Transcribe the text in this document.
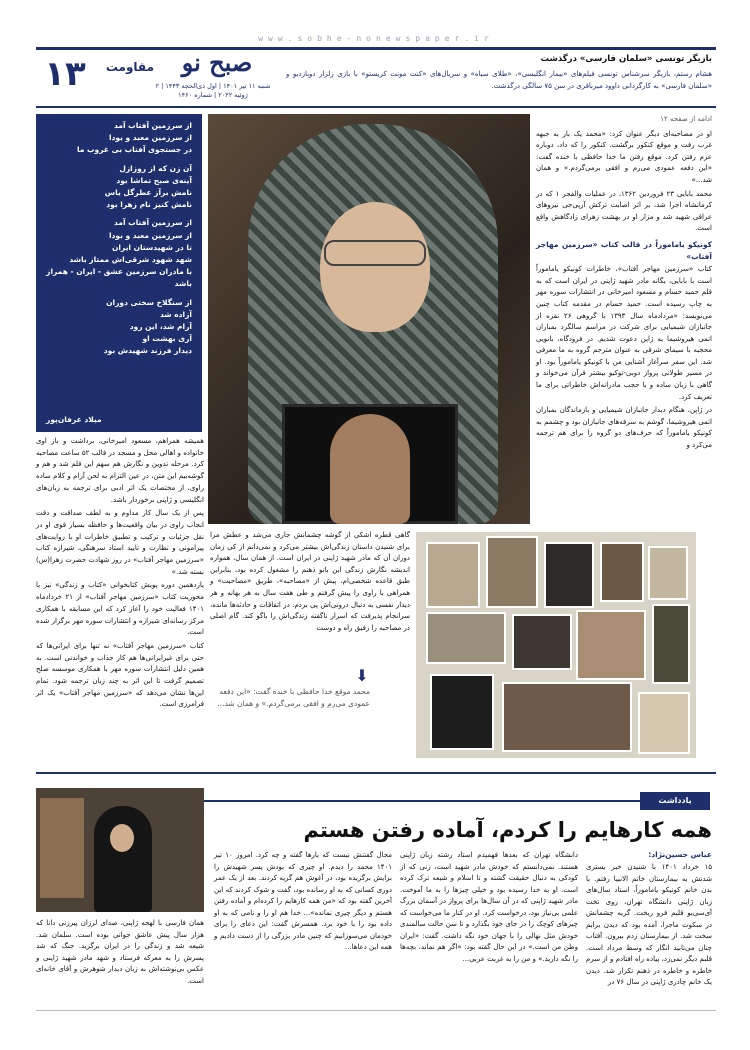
www.sobhe-nonewspaper.ir
۱۳	مقاومت	صبح نو
شنبه ۱۱ تیر ۱۴۰۱ | اول ذی‌الحجه ۱۴۴۳ | ۲ ژوئیه ۲۰۲۲ | شماره ۱۴۶۰
بازیگر تونسی «سلمان فارسی» درگذشت
هشام رستم، بازیگر سرشناس تونسی فیلم‌های «بیمار انگلیسی»، «طلای سیاه» و سریال‌های «کنت مونت کریستو» با بازی زلزار دوبازدیو و «سلمان فارسی» به کارگردانی داوود میرباقری در سن ۷۵ سالگی درگذشت.
ادامه از صفحه ۱۲

او در مصاحبه‌ای دیگر عنوان کرد: «محمد یک بار به جبهه غرب رفت و موقع کنکور برگشت. کنکور را که داد، دوباره عزم رفتن کرد. موقع رفتن ما خدا حافظی با خنده گفت: «این دفعه عمودی می‌رم و افقی برمی‌گردم.» و همان شد...»

محمد بابایی ۲۳ فروردین ۱۳۶۲، در عملیات والفجر ۱ که در کرمانشاه اجرا شد، بر اثر اصابت ترکش آرپی‌جی نیروهای عراقی شهید شد و مزار او در بهشت زهرای زادگاهش واقع است.

کونیکو یاماموراً در قالب کتاب «سرزمین مهاجر آفتاب»

کتاب «سرزمین مهاجر آفتاب»، خاطرات کونیکو یاماموراً است با بابایی، یگانه مادر شهید ژاپنی در ایران است که به قلم حمید حسام و مسعود امیرخانی در انتشارات سوره مهر به چاپ رسیده است. حمید حسام در مقدمه کتاب چنین می‌نویسد: «مردادماه سال ۱۳۹۳ با گروهی ۲۶ نفره از جانبازان شیمیایی برای شرکت در مراسم سالگرد بمباران اتمی هیروشیما به ژاپن دعوت شدیم. در فرودگاه، بانویی محجبه با سیمای شرقی به عنوان مترجم گروه به ما معرفی شد. این سفر سرآغاز آشنایی من با کونیکو یاماموراً بود. او در مسیر طولانی پرواز دوبی-توکیو بیشتر قرآن می‌خواند و گاهی با زبان ساده و با حجب مادرانه‌اش خاطراتی برای ما تعریف کرد.

در ژاپن، هنگام دیدار جانبازان شیمیایی و بازماندگان بمباران اتمی هیروشیما، گوشم به سرفه‌های جانبازان بود و چشمم به کونیکو یاماموراً که حرف‌های دو گروه را برای هم ترجمه می‌کرد و

از سرزمین آفتاب آمد
از سرزمین معبد و بودا
در جستجوی آفتاب بی غروب ما
آن زن که از روزازل
آینه‌ی صبح تماشا بود
نامش برآز عطرگل یاس
نامش کنیز نام زهرا بود
از سرزمین آفتاب آمد
از سرزمین معبد و بودا
تا در شهیدستان ایران
شهد شهود شرقی‌اش ممتاز باشد
با مادران سرزمین عشق - ایران - همراز باشد
از سنگلاخ سختی دوران
آزاده شد
آرام شد، این رود
آری بهشت او
دیدار فرزند شهیدش بود
میلاد عرفان‌پور

همیشه همراهم، مسعود امیرخانی، برداشت و باز اوی خانواده و اهالی محل و مسجد در قالب ۵۲ ساعت مصاحبه کرد. مرحله تدوین و نگارش هم سهم این قلم شد و هم و گوشه‌بیم این متن، در عین التزام به لحن آرام و کلام ساده راوی، از مختصات یک اثر ادبی برای ترجمه به زبان‌های انگلیسی و ژاپنی برخوردار باشد.

پس از یک سال کار مداوم و به لطف صداقت و دقت انجاب راوی در بیان واقعیت‌ها و حافظه بسیار قوی او در نقل جزئیات و ترکیب و تطبیق خاطرات او با روایت‌های پیرامونی و نظارت و تایید استاد سرهنگی، شیرازه کتاب «سرزمین مهاجر آفتاب» در روز شهادت حضرت زهرا(س) بسته شد.»

یازدهمین دوره پویش کتابخوانی «کتاب و زندگی» نیز با محوریت کتاب «سرزمین مهاجر آفتاب» از ۲۱ خردادماه ۱۴۰۱ فعالیت خود را آغاز کرد که این مسابقه با همکاری مرکز رسانه‌ای شیرازه و انتشارات سوره مهر برگزار شده است.

کتاب «سرزمین مهاجر آفتاب» نه تنها برای ایرانی‌ها که حتی برای غیرایرانی‌ها هم کار جذاب و خواندنی است. به همین دلیل انتشارات سوره مهر با همکاری موسسه صلح تصمیم گرفت تا این اثر به چند زبان ترجمه شود. تمام این‌ها نشان می‌دهد که «سرزمین مهاجر آفتاب» یک اثر فرامرزی است.

گاهی قطره اشکی از گوشه چشمانش جاری می‌شد و عطش مرا برای شنیدن داستان زندگی‌اش بیشتر می‌کرد و نمی‌دانم از کی زمان دوران آن که مادر شهید ژاپنی در ایران است. از همان سال، همواره اندیشه نگارش زندگی این بانو ذهنم را مشغول کرده بود، بنابراین طبق قاعده شخصی‌ام، پیش از «مصاحبه»، طریق «مصاحبت» و همراهی با راوی را پیش گرفتم و طی هفت سال به هر بهانه و هر دیدار نفسی به دنبال درونی‌اش پی بردم. در اتفاقات و حادثه‌ها مانده، سرانجام پذیرفت که اسرار ناگفته زندگی‌اش را باگو کند. گام اصلی در مصاحبه را رفیق راه و دوست

⬇
محمد موقع خدا حافظی با خنده گفت: «این دفعه عمودی می‌رم و افقی برمی‌گردم.» و همان شد...
یادداشت
همه کارهایم را کردم، آماده رفتن هستم
عباس حسین‌نژاد:
۱۵ خرداد ۱۴۰۱ با شنیدن خبر بستری شدنش به بیمارستان خاتم الانبیا رفتم. با بدن خانم کونیکو یاماموراً، استاد سال‌های زبان ژاپنی دانشگاه تهران، روی تخت آی‌سی‌یو قلبم فرو ریخت. گریه چشمانش در سکوت ماجرا، آمده بود که دیدن برایم سخت شد. از بیمارستان زدم بیرون. آفتاب چنان می‌تابید انگار که وسط مرداد است. قلبم دیگر نمی‌زد، پیاده راه افتادم و از سرم خاطره و خاطره در ذهنم تکرار شد. دیدن یک خانم چادری ژاپنی در سال ۷۶ در
دانشگاه تهران که بعدها فهمیدم استاد رشته زبان ژاپنی هستند. نمی‌دانستم که خودش مادر شهید است، زنی که از کودکی به دنبال حقیقت گشته و تا اسلام و شیعه ترک کرده است. او به خدا رسیده بود و خیلی چیزها را به ما آموخت. مادر شهید ژاپنی که در آن سال‌ها برای پرواز در آسمان بزرگ علمی بی‌نیاز بود، درخواست کرد. او در کنار ما می‌خواست که چیزهای کوچک را در جای خود بگذارد و تا سن حالت سالمندی خودش مثل نهالی را با جهان خود نگه داشت. گفت: «ایران وطن من است.» در این حال گفته بود: «اگر هم نماند، بچه‌ها را نگه دارید.» و من را به غربت عربی...
مجال گفتنش نیست که بارها گفته و چه کرد. امروز ۱۰ تیر ۱۴۰۱ محمد را دیدم. او چیزی که بودش پسر شهیدش را برایش برگزیده بود، در آغوش هم گریه کردند. بعد از یک عمر دوری کسانی که به او رسانده بود، گفت و شوک کردند که این آخرین گفته بود که «من همه کارهایم را کرده‌ام و آماده رفتن هستم و دیگر چیزی نمانده»... خدا هم او را و نامی که به او داده بود را با خود برد. همسرش گفت: این دعای را برای خودمان می‌سوزانیم که چنین مادر بزرگی را از دست دادیم و همه این دعاها...
همان فارسی با لهجه ژاپنی، صدای لرزان پیرزنی دانا که هزار سال پیش عاشق جوانی بوده است. سلمان شد. شیعه شد و زندگی را در ایران برگزید. جنگ که شد پسرش را به معرکه فرستاد و شهد مادر شهید ژاپنی و عکس بی‌نوشته‌اش به زبان دیدار شوهرش و آقای خانه‌ای است.
